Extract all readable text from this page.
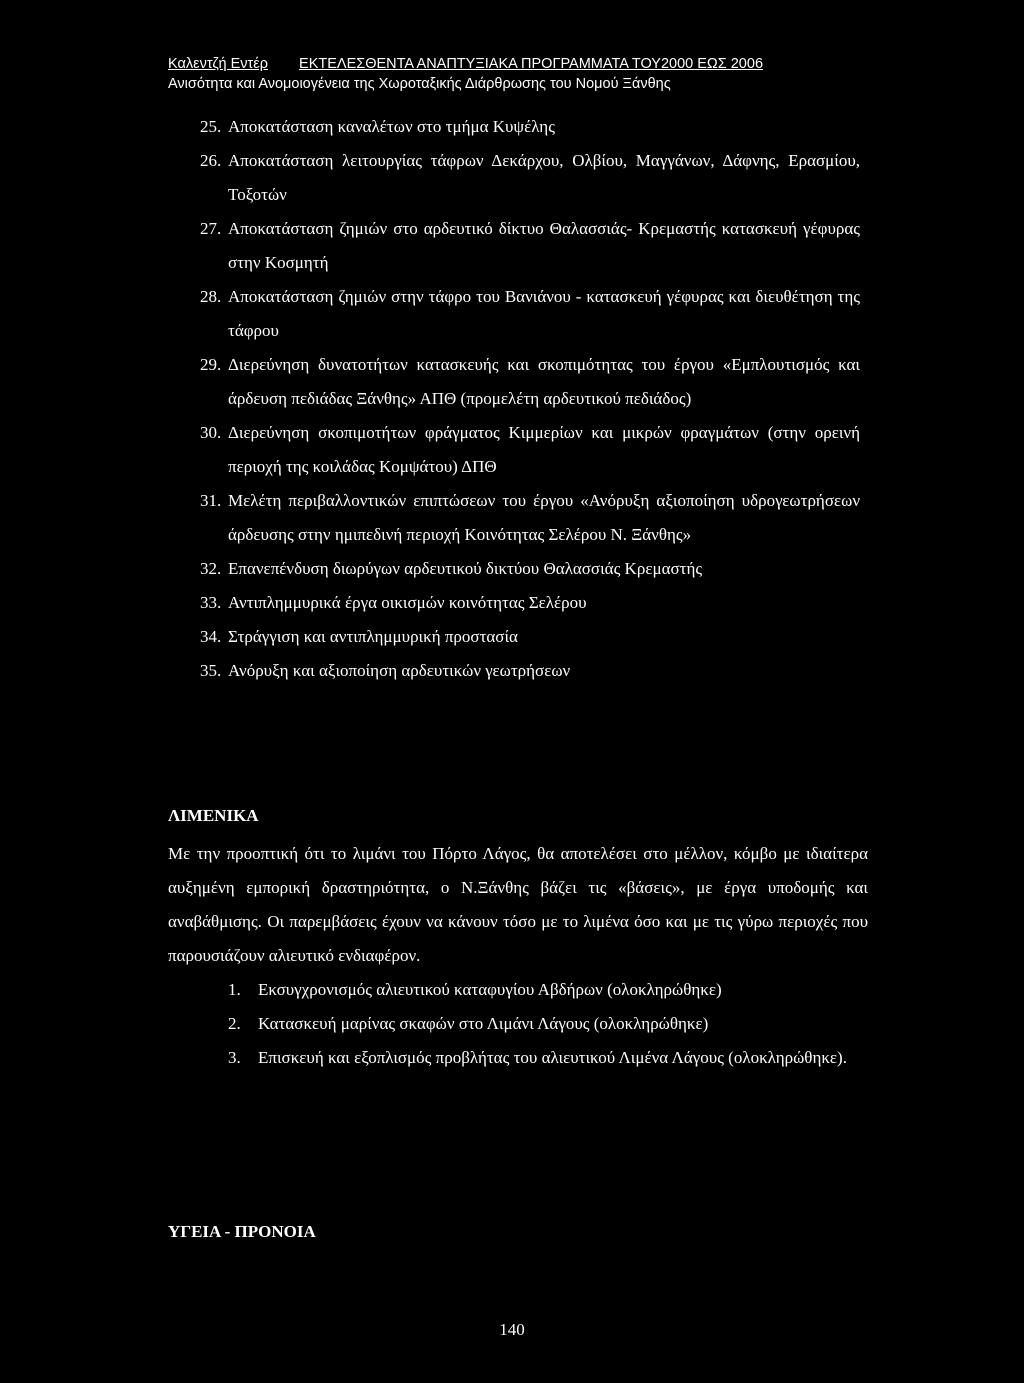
Καλεντζή Εντέρ ΕΚΤΕΛΕΣΘΕΝΤΑ ΑΝΑΠΤΥΞΙΑΚΑ ΠΡΟΓΡΑΜΜΑΤΑ ΤΟΥ2000 ΕΩΣ 2006
Ανισότητα και Ανομοιογένεια της Χωροταξικής Διάρθρωσης του Νομού Ξάνθης
25. Αποκατάσταση καναλέτων στο τμήμα Κυψέλης
26. Αποκατάσταση λειτουργίας τάφρων Δεκάρχου, Ολβίου, Μαγγάνων, Δάφνης, Ερασμίου, Τοξοτών
27. Αποκατάσταση ζημιών στο αρδευτικό δίκτυο Θαλασσιάς- Κρεμαστής κατασκευή γέφυρας στην Κοσμητή
28. Αποκατάσταση ζημιών στην τάφρο του Βανιάνου - κατασκευή γέφυρας και διευθέτηση της τάφρου
29. Διερεύνηση δυνατοτήτων κατασκευής και σκοπιμότητας του έργου «Εμπλουτισμός και άρδευση πεδιάδας Ξάνθης» ΑΠΘ (προμελέτη αρδευτικού πεδιάδος)
30. Διερεύνηση σκοπιμοτήτων φράγματος Κιμμερίων και μικρών φραγμάτων (στην ορεινή περιοχή της κοιλάδας Κομψάτου) ΔΠΘ
31. Μελέτη περιβαλλοντικών επιπτώσεων του έργου «Ανόρυξη αξιοποίηση υδρογεωτρήσεων άρδευσης στην ημιπεδινή περιοχή Κοινότητας Σελέρου Ν. Ξάνθης»
32. Επανεπένδυση διωρύγων αρδευτικού δικτύου Θαλασσιάς Κρεμαστής
33. Αντιπλημμυρικά έργα οικισμών κοινότητας Σελέρου
34. Στράγγιση και αντιπλημμυρική προστασία
35. Ανόρυξη και αξιοποίηση αρδευτικών γεωτρήσεων
ΛΙΜΕΝΙΚΑ
Με την προοπτική ότι το λιμάνι του Πόρτο Λάγος, θα αποτελέσει στο μέλλον, κόμβο με ιδιαίτερα αυξημένη εμπορική δραστηριότητα, ο Ν.Ξάνθης βάζει τις «βάσεις», με έργα υποδομής και αναβάθμισης. Οι παρεμβάσεις έχουν να κάνουν τόσο με το λιμένα όσο και με τις γύρω περιοχές που παρουσιάζουν αλιευτικό ενδιαφέρον.
1.	Εκσυγχρονισμός αλιευτικού καταφυγίου Αβδήρων (ολοκληρώθηκε)
2.	Κατασκευή μαρίνας σκαφών στο Λιμάνι Λάγους (ολοκληρώθηκε)
3.	Επισκευή και εξοπλισμός προβλήτας του αλιευτικού Λιμένα Λάγους (ολοκληρώθηκε).
ΥΓΕΙΑ - ΠΡΟΝΟΙΑ
140
